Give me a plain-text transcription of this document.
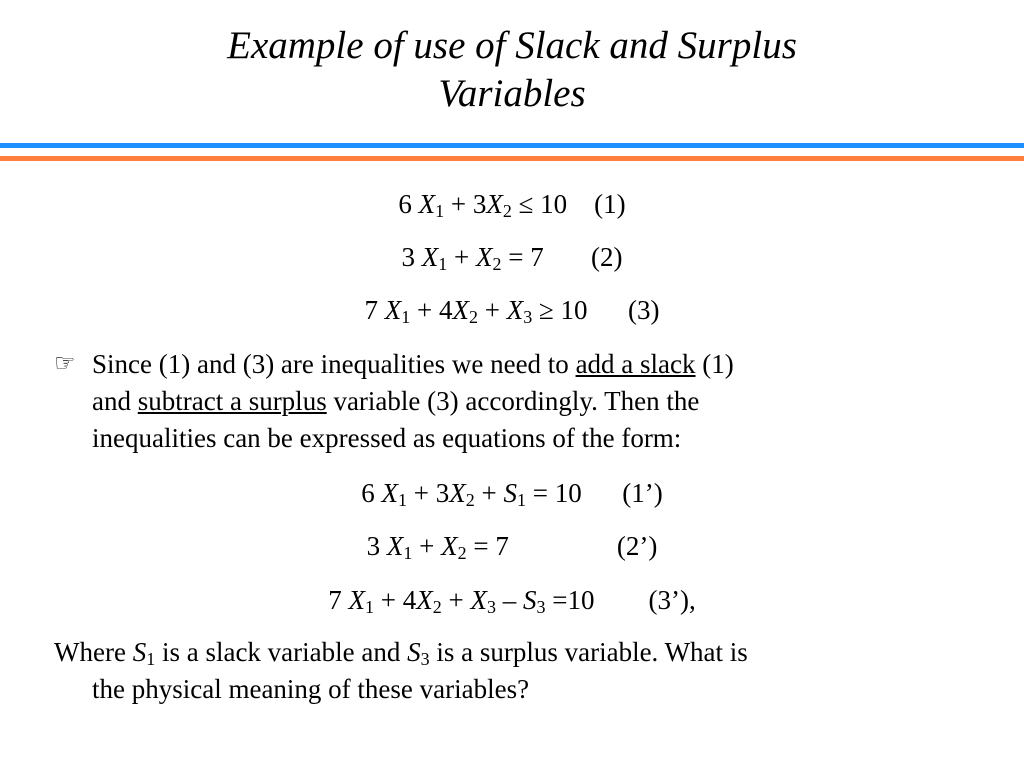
Example of use of Slack and Surplus
Variables
6 $X_1 + 3X_2 \le 10$ (1)
3 $X_1 + X_2 = 7$ (2)
7 $X_1 + 4X_2 + X_3 \ge 10$ (3)
☞ Since (1) and (3) are inequalities we need to add a slack (1)
and subtract a surplus variable (3) accordingly. Then the
inequalities can be expressed as equations of the form:
6 $X_1 + 3X_2 + S_1 = 10$ (1’)
3 $X_1 + X_2 = 7$	(2’)
7 $X_1 + 4X_2 + X_3 - S_3 =10$ (3’),
Where $S_1$ is a slack variable and $S_3$ is a surplus variable. What is
the physical meaning of these variables?
